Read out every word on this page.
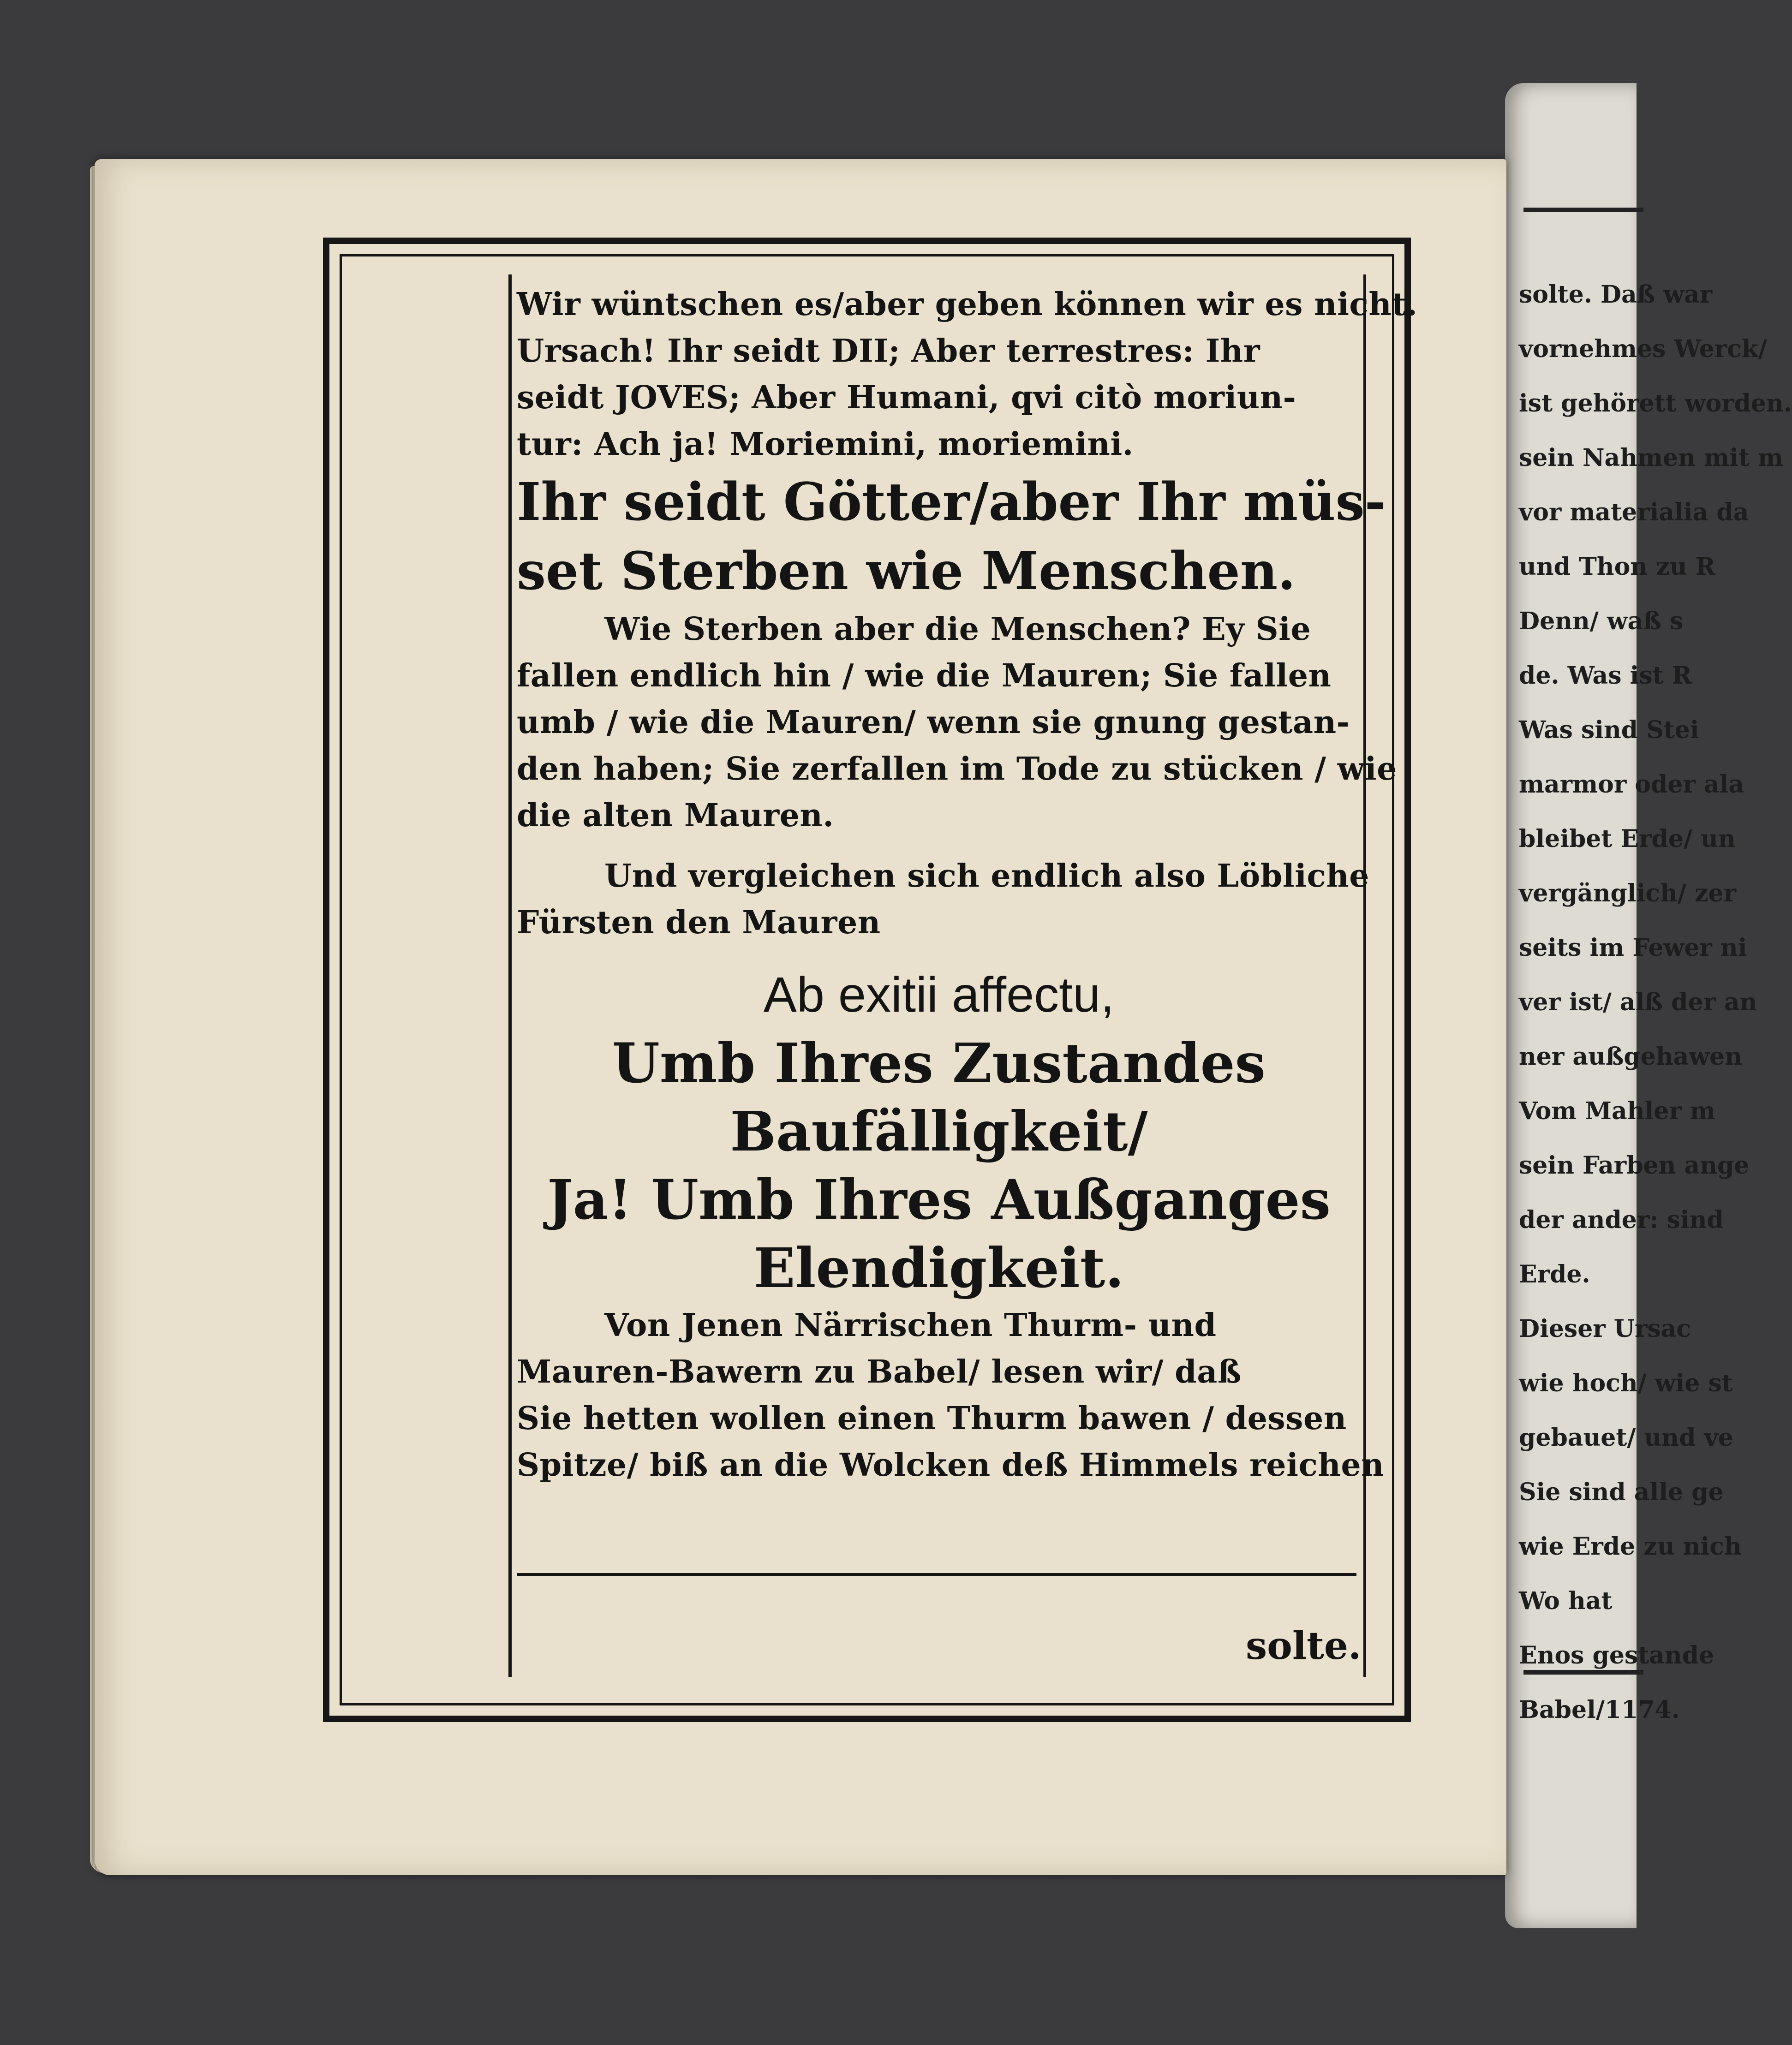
solte. Daß war
vornehmes Werck/
ist gehörett worden.
sein Nahmen mit m
vor materialia da
und Thon zu R
Denn/ waß s
de. Was ist R
Was sind Stei
marmor oder ala
bleibet Erde/ un
vergänglich/ zer
seits im Fewer ni
ver ist/ alß der an
ner außgehawen
Vom Mahler m
sein Farben ange
der ander: sind
Erde.
Dieser Ursac
wie hoch/ wie st
gebauet/ und ve
Sie sind alle ge
wie Erde zu nich
Wo hat
Enos gestande
Babel/1174.
Wir wüntschen es/aber geben können wir es nicht.
Ursach! Ihr seidt DII; Aber terrestres: Ihr
seidt JOVES; Aber Humani, qvi citò moriun-
tur: Ach ja! Moriemini, moriemini.
Ihr seidt Götter/aber Ihr müs-
set Sterben wie Menschen.
Wie Sterben aber die Menschen? Ey Sie
fallen endlich hin / wie die Mauren; Sie fallen
umb / wie die Mauren/ wenn sie gnung gestan-
den haben; Sie zerfallen im Tode zu stücken / wie
die alten Mauren.
Und vergleichen sich endlich also Löbliche
Fürsten den Mauren
Ab exitii affectu,
Umb Ihres Zustandes
Baufälligkeit/
Ja! Umb Ihres Außganges
Elendigkeit.
Von Jenen Närrischen Thurm- und
Mauren-Bawern zu Babel/ lesen wir/ daß
Sie hetten wollen einen Thurm bawen / dessen
Spitze/ biß an die Wolcken deß Himmels reichen
solte.
